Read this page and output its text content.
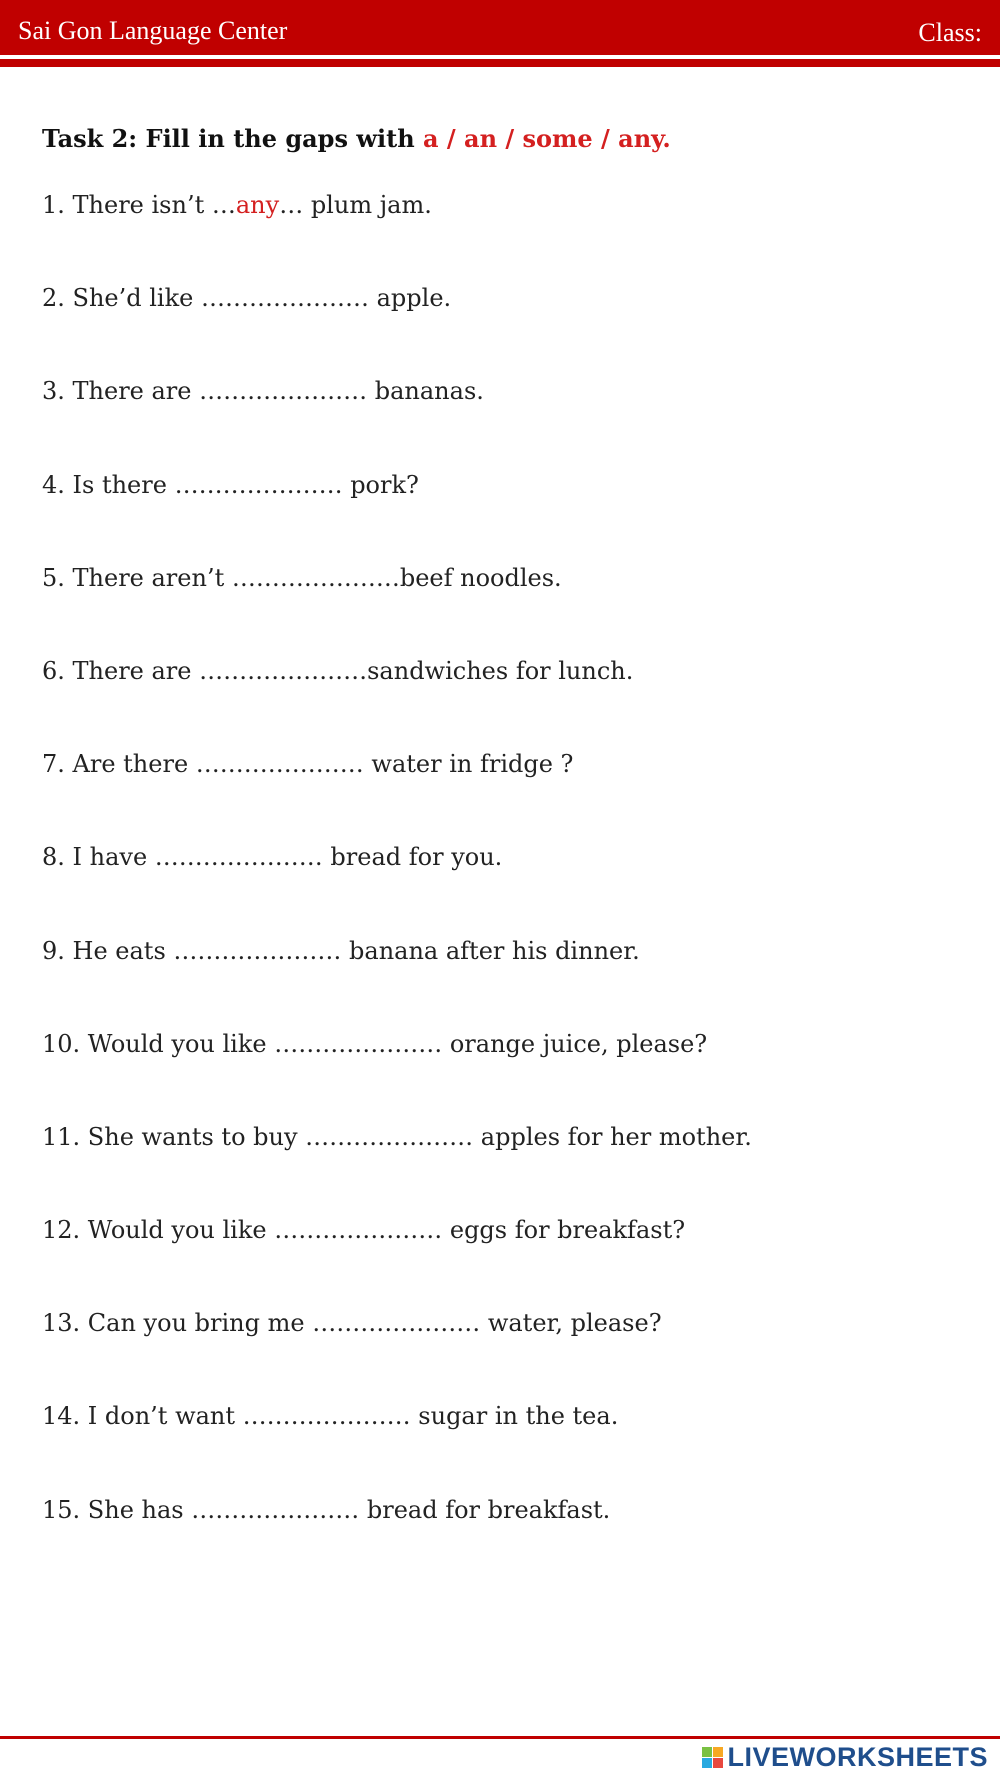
Sai Gon Language Center	Class:
Task 2: Fill in the gaps with a / an / some / any.
1. There isn’t …any… plum jam.
2. She’d like ………………… apple.
3. There are ………………… bananas.
4. Is there ………………… pork?
5. There aren’t …………………beef noodles.
6. There are …………………sandwiches for lunch.
7. Are there ………………… water in fridge ?
8. I have ………………… bread for you.
9. He eats ………………… banana after his dinner.
10. Would you like ………………… orange juice, please?
11. She wants to buy ………………… apples for her mother.
12. Would you like ………………… eggs for breakfast?
13. Can you bring me ………………… water, please?
14. I don’t want ………………… sugar in the tea.
15. She has ………………… bread for breakfast.
LIVEWORKSHEETS
